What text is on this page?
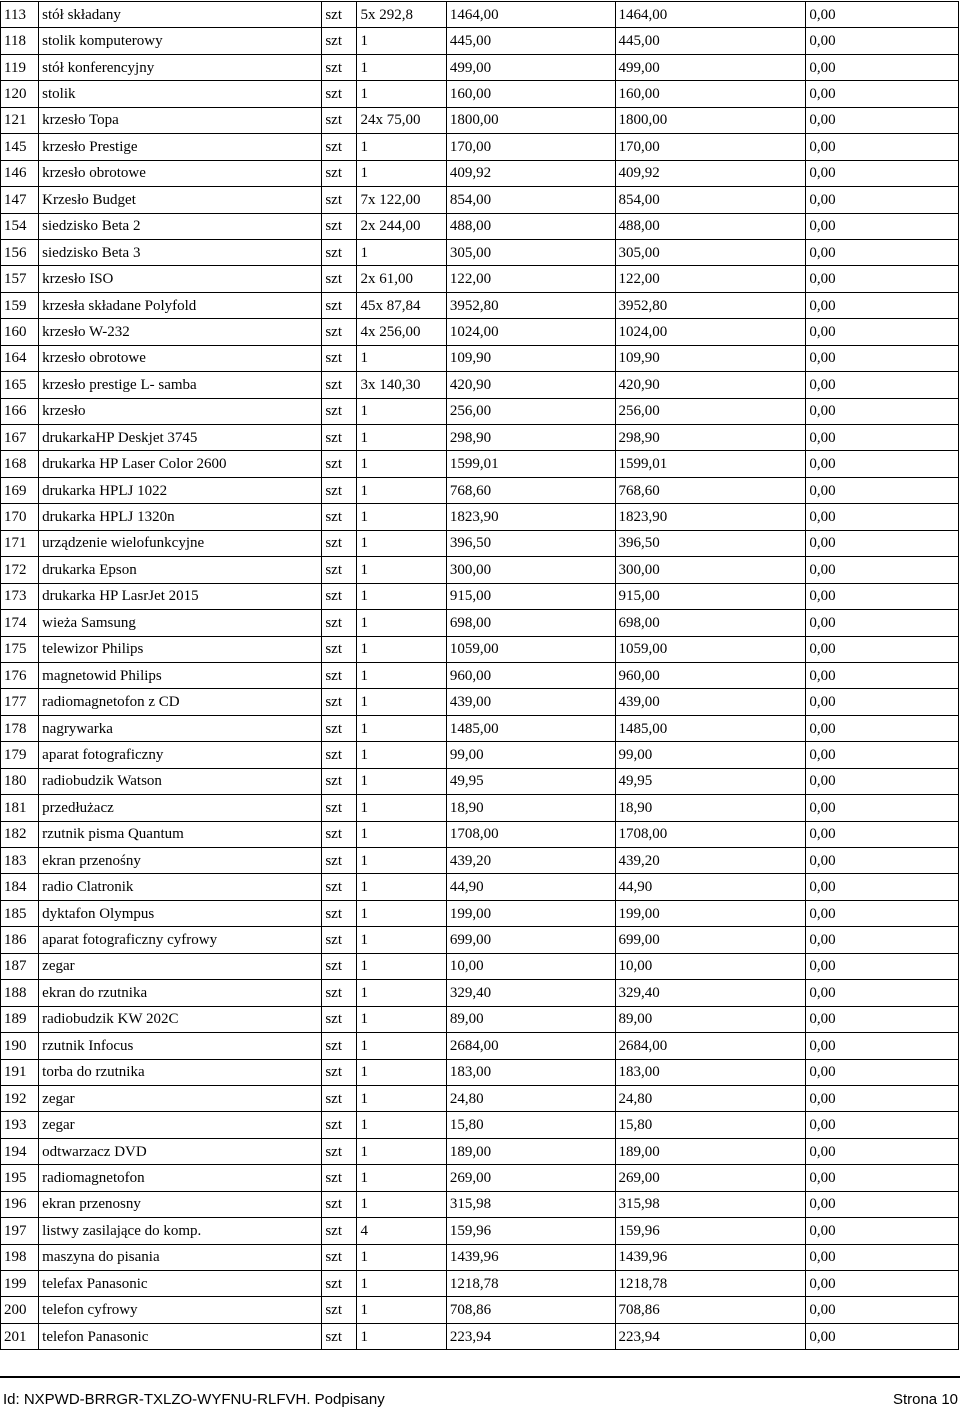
113	stół składany	szt	5x 292,8	1464,00	1464,00	0,00
118	stolik komputerowy	szt	1	445,00	445,00	0,00
119	stół konferencyjny	szt	1	499,00	499,00	0,00
120	stolik	szt	1	160,00	160,00	0,00
121	krzesło Topa	szt	24x 75,00	1800,00	1800,00	0,00
145	krzesło Prestige	szt	1	170,00	170,00	0,00
146	krzesło obrotowe	szt	1	409,92	409,92	0,00
147	Krzesło Budget	szt	7x 122,00	854,00	854,00	0,00
154	siedzisko Beta 2	szt	2x 244,00	488,00	488,00	0,00
156	siedzisko Beta 3	szt	1	305,00	305,00	0,00
157	krzesło ISO	szt	2x 61,00	122,00	122,00	0,00
159	krzesła składane Polyfold	szt	45x 87,84	3952,80	3952,80	0,00
160	krzesło W-232	szt	4x 256,00	1024,00	1024,00	0,00
164	krzesło obrotowe	szt	1	109,90	109,90	0,00
165	krzesło prestige L- samba	szt	3x 140,30	420,90	420,90	0,00
166	krzesło	szt	1	256,00	256,00	0,00
167	drukarkaHP Deskjet 3745	szt	1	298,90	298,90	0,00
168	drukarka HP Laser Color 2600	szt	1	1599,01	1599,01	0,00
169	drukarka HPLJ 1022	szt	1	768,60	768,60	0,00
170	drukarka HPLJ 1320n	szt	1	1823,90	1823,90	0,00
171	urządzenie wielofunkcyjne	szt	1	396,50	396,50	0,00
172	drukarka Epson	szt	1	300,00	300,00	0,00
173	drukarka HP LasrJet 2015	szt	1	915,00	915,00	0,00
174	wieża Samsung	szt	1	698,00	698,00	0,00
175	telewizor Philips	szt	1	1059,00	1059,00	0,00
176	magnetowid Philips	szt	1	960,00	960,00	0,00
177	radiomagnetofon z CD	szt	1	439,00	439,00	0,00
178	nagrywarka	szt	1	1485,00	1485,00	0,00
179	aparat fotograficzny	szt	1	99,00	99,00	0,00
180	radiobudzik Watson	szt	1	49,95	49,95	0,00
181	przedłużacz	szt	1	18,90	18,90	0,00
182	rzutnik pisma Quantum	szt	1	1708,00	1708,00	0,00
183	ekran przenośny	szt	1	439,20	439,20	0,00
184	radio Clatronik	szt	1	44,90	44,90	0,00
185	dyktafon Olympus	szt	1	199,00	199,00	0,00
186	aparat fotograficzny cyfrowy	szt	1	699,00	699,00	0,00
187	zegar	szt	1	10,00	10,00	0,00
188	ekran do rzutnika	szt	1	329,40	329,40	0,00
189	radiobudzik KW 202C	szt	1	89,00	89,00	0,00
190	rzutnik Infocus	szt	1	2684,00	2684,00	0,00
191	torba do rzutnika	szt	1	183,00	183,00	0,00
192	zegar	szt	1	24,80	24,80	0,00
193	zegar	szt	1	15,80	15,80	0,00
194	odtwarzacz DVD	szt	1	189,00	189,00	0,00
195	radiomagnetofon	szt	1	269,00	269,00	0,00
196	ekran przenosny	szt	1	315,98	315,98	0,00
197	listwy zasilające do komp.	szt	4	159,96	159,96	0,00
198	maszyna do pisania	szt	1	1439,96	1439,96	0,00
199	telefax Panasonic	szt	1	1218,78	1218,78	0,00
200	telefon cyfrowy	szt	1	708,86	708,86	0,00
201	telefon Panasonic	szt	1	223,94	223,94	0,00
Id: NXPWD-BRRGR-TXLZO-WYFNU-RLFVH. Podpisany	Strona 10
